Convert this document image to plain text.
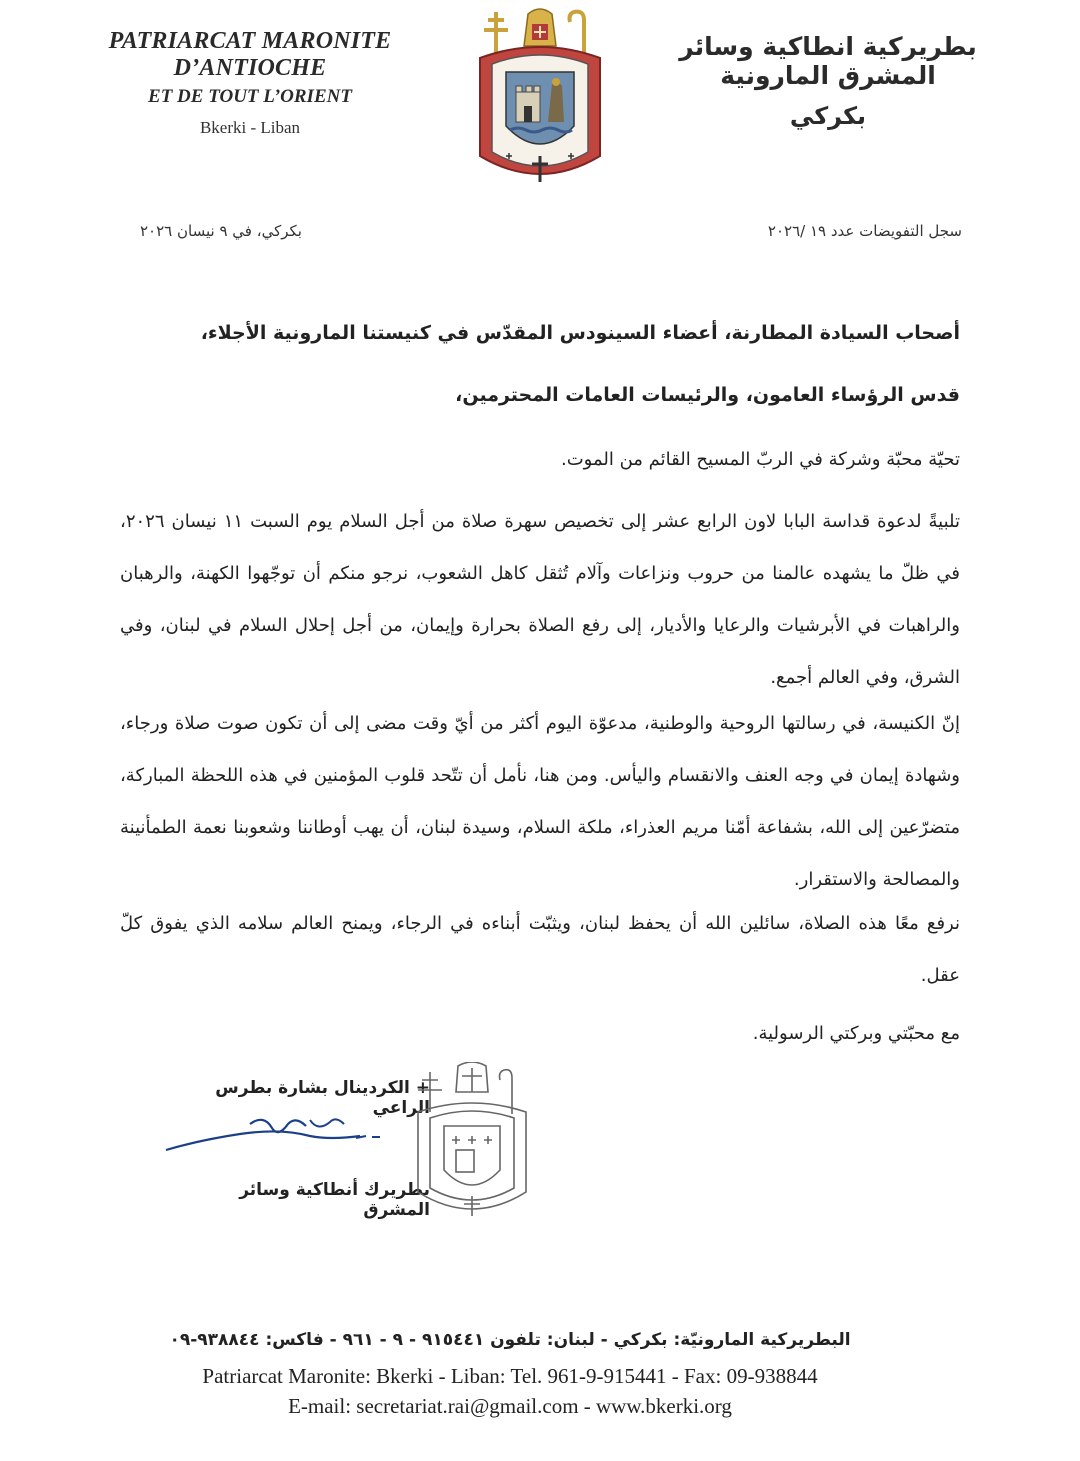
PATRIARCAT MARONITE D’ANTIOCHE
ET DE TOUT L’ORIENT
Bkerki - Liban
بطريركية انطاكية وسائر المشرق المارونية
بكركي
سجل التفويضات عدد ١٩ /٢٠٢٦
بكركي، في ٩ نيسان ٢٠٢٦
أصحاب السيادة المطارنة، أعضاء السينودس المقدّس في كنيستنا المارونية الأجلاء،
قدس الرؤساء العامون، والرئيسات العامات المحترمين،
تحيّة محبّة وشركة في الربّ المسيح القائم من الموت.
تلبيةً لدعوة قداسة البابا لاون الرابع عشر إلى تخصيص سهرة صلاة من أجل السلام يوم السبت ١١ نيسان ٢٠٢٦، في ظلّ ما يشهده عالمنا من حروب ونزاعات وآلام تُثقل كاهل الشعوب، نرجو منكم أن توجّهوا الكهنة، والرهبان والراهبات في الأبرشيات والرعايا والأديار، إلى رفع الصلاة بحرارة وإيمان، من أجل إحلال السلام في لبنان، وفي الشرق، وفي العالم أجمع.
إنّ الكنيسة، في رسالتها الروحية والوطنية، مدعوّة اليوم أكثر من أيّ وقت مضى إلى أن تكون صوت صلاة ورجاء، وشهادة إيمان في وجه العنف والانقسام واليأس. ومن هنا، نأمل أن تتّحد قلوب المؤمنين في هذه اللحظة المباركة، متضرّعين إلى الله، بشفاعة أمّنا مريم العذراء، ملكة السلام، وسيدة لبنان، أن يهب أوطاننا وشعوبنا نعمة الطمأنينة والمصالحة والاستقرار.
نرفع معًا هذه الصلاة، سائلين الله أن يحفظ لبنان، ويثبّت أبناءه في الرجاء، ويمنح العالم سلامه الذي يفوق كلّ عقل.
مع محبّتي وبركتي الرسولية.
+ الكردينال بشارة بطرس الراعي
بطريرك أنطاكية وسائر المشرق
البطريركية المارونيّة: بكركي - لبنان: تلفون ٩١٥٤٤١ - ٩ - ٩٦١ - فاكس: ٩٣٨٨٤٤-٠٩
Patriarcat Maronite: Bkerki - Liban: Tel. 961-9-915441 - Fax: 09-938844
E-mail: secretariat.rai@gmail.com - www.bkerki.org
